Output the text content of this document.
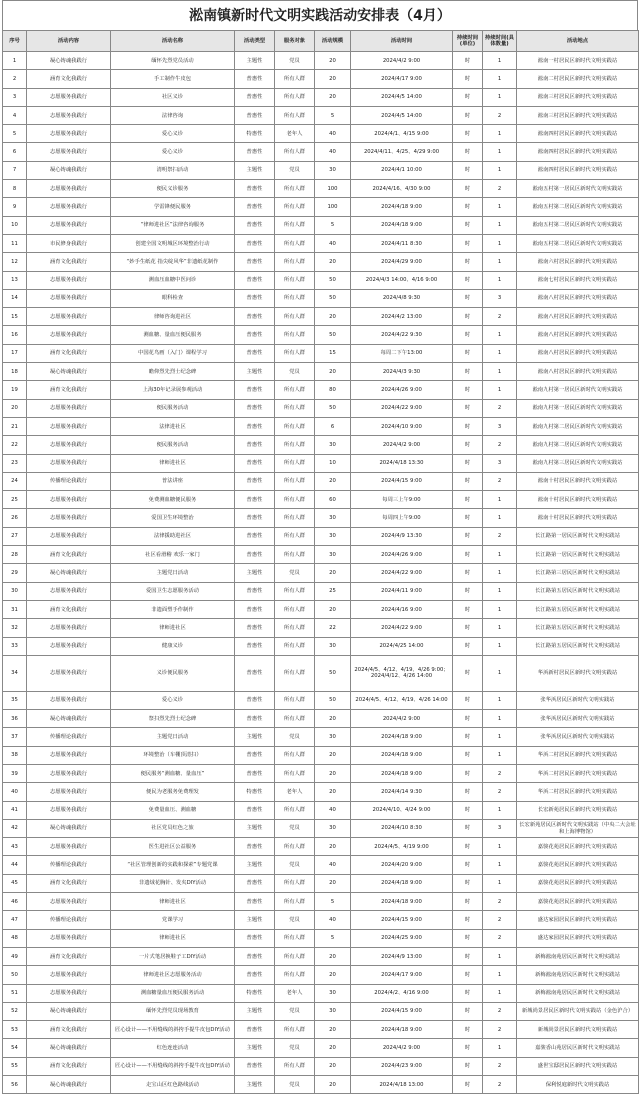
淞南镇新时代文明实践活动安排表（4月）
序号	活动内容	活动名称	活动类型	服务对象	活动规模	活动时间	持续时间(单位)	持续时间(具体数量)	活动地点
1	凝心铸魂我践行	缅怀先烈党员活动	主题性	党员	20	2024/4/2 9:00	时	1	淞南一村居民区新时代文明实践站
2	涵育文化我践行	手工制作牛皮包	普惠性	所有人群	20	2024/4/17 9:00	时	1	淞南二村居民区新时代文明实践站
3	志愿服务我践行	社区义诊	普惠性	所有人群	20	2024/4/5 14:00	时	1	淞南三村居民区新时代文明实践站
4	志愿服务我践行	法律咨询	普惠性	所有人群	5	2024/4/5 14:00	时	2	淞南三村居民区新时代文明实践站
5	志愿服务我践行	爱心义诊	特惠性	老年人	40	2024/4/1、4/15 9:00	时	1	淞南四村居民区新时代文明实践站
6	志愿服务我践行	爱心义诊	普惠性	所有人群	40	2024/4/11、4/25、4/29 9:00	时	1	淞南四村居民区新时代文明实践站
7	凝心铸魂我践行	清明祭扫活动	主题性	党员	30	2024/4/1 10:00	时	1	淞南四村居民区新时代文明实践站
8	志愿服务我践行	便民义诊服务	普惠性	所有人群	100	2024/4/16、4/30 9:00	时	2	淞南五村第一居民区新时代文明实践站
9	志愿服务我践行	学雷锋便民服务	普惠性	所有人群	100	2024/4/18 9:00	时	1	淞南五村第二居民区新时代文明实践站
10	志愿服务我践行	“律师进社区”法律咨询服务	普惠性	所有人群	5	2024/4/18 9:00	时	1	淞南五村第二居民区新时代文明实践站
11	市民修身我践行	创建全国文明城区环境整治行动	普惠性	所有人群	40	2024/4/11 8:30	时	1	淞南五村第二居民区新时代文明实践站
12	涵育文化我践行	“妙手生纸花 指尖绽风华”非遗纸花制作	普惠性	所有人群	20	2024/4/29 9:00	时	1	淞南六村居民区新时代文明实践站
13	志愿服务我践行	测血压血糖中医问诊	普惠性	所有人群	50	2024/4/3 14:00、4/16 9:00	时	1	淞南七村居民区新时代文明实践站
14	志愿服务我践行	眼科检查	普惠性	所有人群	50	2024/4/8 9:30	时	3	淞南八村居民区新时代文明实践站
15	志愿服务我践行	律师咨询进社区	普惠性	所有人群	20	2024/4/2 13:00	时	2	淞南八村居民区新时代文明实践站
16	志愿服务我践行	测血糖、量血压便民服务	普惠性	所有人群	50	2024/4/22 9:30	时	1	淞南八村居民区新时代文明实践站
17	涵育文化我践行	中国花鸟画（入门）课程学习	普惠性	所有人群	15	每周二下午13:00	时	1	淞南八村居民区新时代文明实践站
18	凝心铸魂我践行	瞻仰烈先烈士纪念碑	主题性	党员	20	2024/4/3 9:30	时	1	淞南八村居民区新时代文明实践站
19	涵育文化我践行	上海30年记录展参观活动	普惠性	所有人群	80	2024/4/26 9:00	时	1	淞南九村第一居民区新时代文明实践站
20	志愿服务我践行	便民服务活动	普惠性	所有人群	50	2024/4/22 9:00	时	2	淞南九村第一居民区新时代文明实践站
21	志愿服务我践行	法律进社区	普惠性	所有人群	6	2024/4/10 9:00	时	3	淞南九村第二居民区新时代文明实践站
22	志愿服务我践行	便民服务活动	普惠性	所有人群	30	2024/4/2 9:00	时	2	淞南九村第二居民区新时代文明实践站
23	志愿服务我践行	律师进社区	普惠性	所有人群	10	2024/4/18 13:30	时	3	淞南九村第三居民区新时代文明实践站
24	传播理论我践行	普法讲座	普惠性	所有人群	20	2024/4/15 9:00	时	2	淞南十村居民区新时代文明实践站
25	志愿服务我践行	免费测血糖便民服务	普惠性	所有人群	60	每周三上午9:00	时	1	淞南十村居民区新时代文明实践站
26	志愿服务我践行	爱国卫生环境整治	普惠性	所有人群	30	每周四上午9:00	时	1	淞南十村居民区新时代文明实践站
27	志愿服务我践行	法律援助进社区	普惠性	所有人群	30	2024/4/9 13:30	时	2	长江路第一居民区新时代文明实践站
28	涵育文化我践行	社区看滑稽 欢乐一家门	普惠性	所有人群	30	2024/4/26 9:00	时	1	长江路第一居民区新时代文明实践站
29	凝心铸魂我践行	主题党日活动	主题性	党员	20	2024/4/22 9:00	时	1	长江路第三居民区新时代文明实践站
30	志愿服务我践行	爱国卫生志愿服务活动	普惠性	所有人群	25	2024/4/11 9:00	时	1	长江路第五居民区新时代文明实践站
31	涵育文化我践行	非遗面塑手作制作	普惠性	所有人群	20	2024/4/16 9:00	时	1	长江路第五居民区新时代文明实践站
32	志愿服务我践行	律师进社区	普惠性	所有人群	22	2024/4/22 9:00	时	1	长江路第五居民区新时代文明实践站
33	志愿服务我践行	健康义诊	普惠性	所有人群	30	2024/4/25 14:00	时	1	长江路第五居民区新时代文明实践站
34	志愿服务我践行	义诊便民服务	普惠性	所有人群	50	2024/4/5、4/12、4/19、4/26 9:00；2024/4/12、4/26 14:00	时	1	华浜新村居民区新时代文明实践站
35	志愿服务我践行	爱心义诊	普惠性	所有人群	50	2024/4/5、4/12、4/19、4/26 14:00	时	1	张华浜居民区新时代文明实践站
36	凝心铸魂我践行	祭扫烈先烈士纪念碑	普惠性	所有人群	20	2024/4/2 9:00	时	1	张华浜居民区新时代文明实践站
37	传播理论我践行	主题党日活动	主题性	党员	30	2024/4/18 9:00	时	1	张华浜居民区新时代文明实践站
38	志愿服务我践行	环境整治（车棚顶清扫）	普惠性	所有人群	20	2024/4/18 9:00	时	1	华浜二村居民区新时代文明实践站
39	志愿服务我践行	便民服务“测血糖、量血压”	普惠性	所有人群	20	2024/4/18 9:00	时	2	华浜二村居民区新时代文明实践站
40	志愿服务我践行	便民为老服务免费理发	特惠性	老年人	20	2024/4/14 9:30	时	2	华浜二村居民区新时代文明实践站
41	志愿服务我践行	免费量血压、测血糖	普惠性	所有人群	40	2024/4/10、4/24 9:00	时	1	长宏新苑居民区新时代文明实践站
42	凝心铸魂我践行	社区党员红色之旅	主题性	党员	30	2024/4/10 8:30	时	3	长宏新苑居民区新时代文明实践站（中央二大会址和上海博物馆）
43	志愿服务我践行	医生进社区公益服务	普惠性	所有人群	20	2024/4/5、4/19 9:00	时	1	嘉骏花苑居民区新时代文明实践站
44	传播理论我践行	“社区管理创新的实践和探索”专题党课	主题性	党员	40	2024/4/20 9:00	时	1	嘉骏花苑居民区新时代文明实践站
45	涵育文化我践行	非遗绒花胸针、发夹DIY活动	普惠性	所有人群	20	2024/4/18 9:00	时	1	嘉骏花苑居民区新时代文明实践站
46	志愿服务我践行	律师进社区	普惠性	所有人群	5	2024/4/18 9:00	时	2	嘉骏花苑居民区新时代文明实践站
47	传播理论我践行	党课学习	主题性	党员	40	2024/4/15 9:00	时	2	盛达家园居民区新时代文明实践站
48	志愿服务我践行	律师进社区	普惠性	所有人群	5	2024/4/25 9:00	时	2	盛达家园居民区新时代文明实践站
49	涵育文化我践行	一片式笔居换鞋子工DIY活动	普惠性	所有人群	20	2024/4/9 13:00	时	1	新梅淞南苑居民区新时代文明实践站
50	志愿服务我践行	律师进社区志愿服务活动	普惠性	所有人群	20	2024/4/17 9:00	时	1	新梅淞南苑居民区新时代文明实践站
51	志愿服务我践行	测血糖量血压便民服务活动	特惠性	老年人	30	2024/4/2、4/16 9:00	时	1	新梅淞南苑居民区新时代文明实践站
52	凝心铸魂我践行	缅怀先烈党员现场教育	主题性	党员	30	2024/4/15 9:00	时	2	新城尚景居民区新时代文明实践站（金色沪合）
53	涵育文化我践行	匠心设计——不用缝线的斜挎手提牛皮包DIY活动	普惠性	所有人群	20	2024/4/18 9:00	时	2	新城尚景居民区新时代文明实践站
54	凝心铸魂我践行	红色连连活动	主题性	党员	20	2024/4/2 9:00	时	1	嘉骏香山苑居民区新时代文明实践站
55	涵育文化我践行	匠心设计——不用缝线的斜挎手提牛皮包DIY活动	普惠性	所有人群	20	2024/4/23 9:00	时	2	盛世宝邸居民区新时代文明实践站
56	凝心铸魂我践行	走宝山区红色路线活动	主题性	党员	20	2024/4/18 13:00	时	2	保利悦庭新时代文明实践站
